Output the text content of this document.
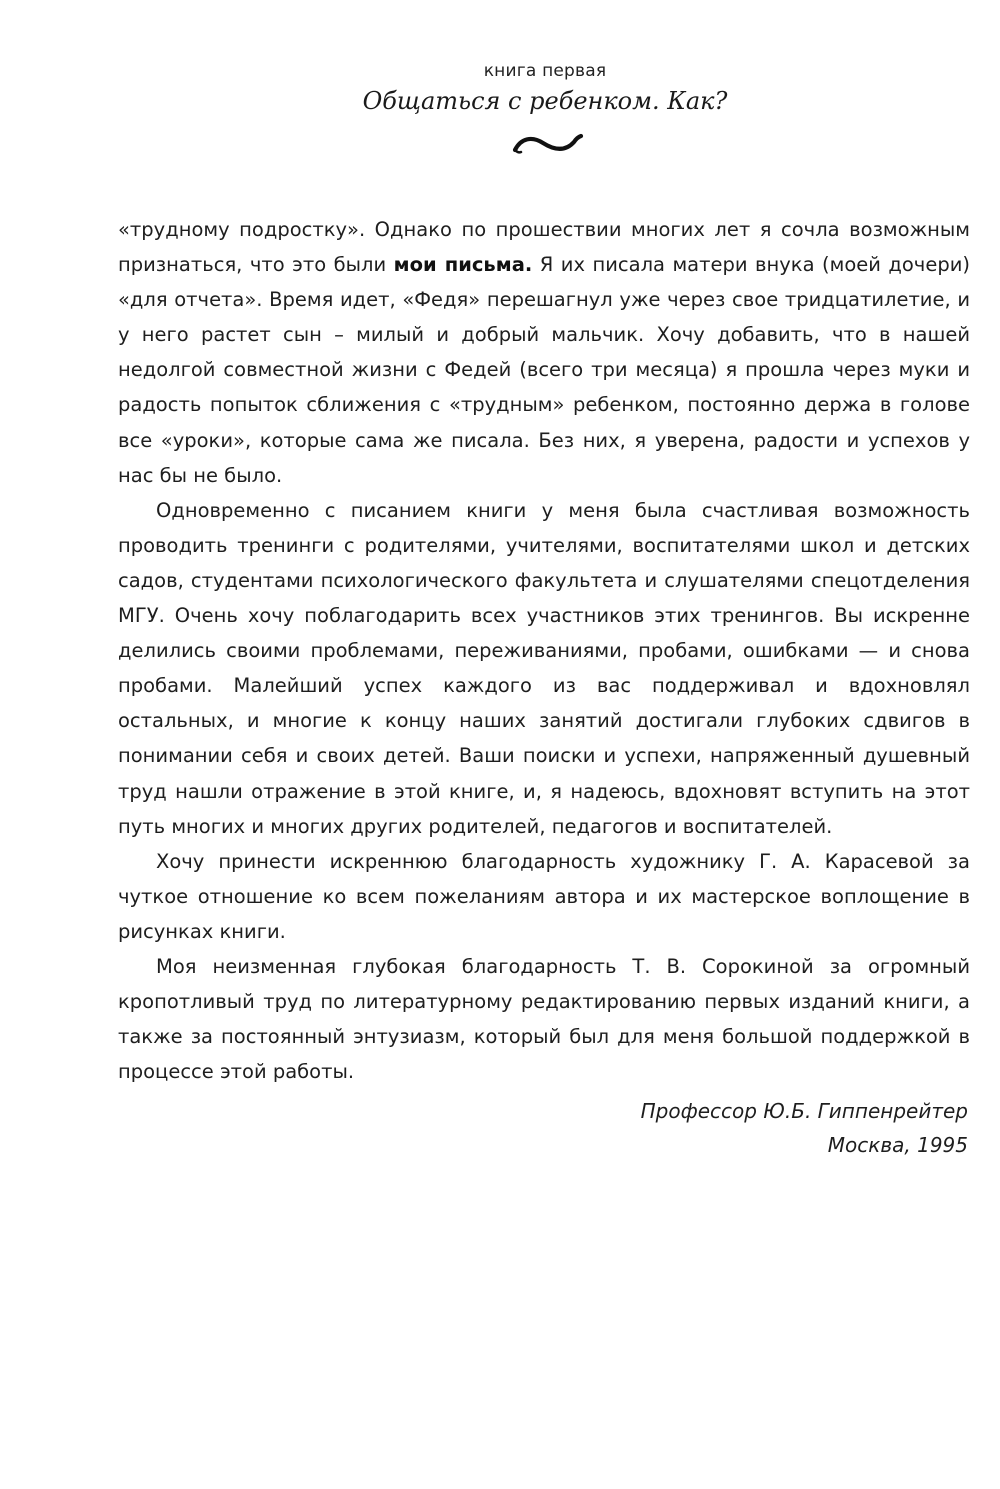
книга первая
Общаться с ребенком. Как?

«трудному подростку». Однако по прошествии многих лет я сочла возможным признаться, что это были мои письма. Я их писала матери внука (моей дочери) «для отчета». Время идет, «Федя» перешагнул уже через свое тридцатилетие, и у него растет сын – милый и добрый мальчик. Хочу добавить, что в нашей недолгой совместной жизни с Федей (всего три месяца) я прошла через муки и радость попыток сближения с «трудным» ребенком, постоянно держа в голове все «уроки», которые сама же писала. Без них, я уверена, радости и успехов у нас бы не было.

Одновременно с писанием книги у меня была счастливая возможность проводить тренинги с родителями, учителями, воспитателями школ и детских садов, студентами психологического факультета и слушателями спецотделения МГУ. Очень хочу поблагодарить всех участников этих тренингов. Вы искренне делились своими проблемами, переживаниями, пробами, ошибками — и снова пробами. Малейший успех каждого из вас поддерживал и вдохновлял остальных, и многие к концу наших занятий достигали глубоких сдвигов в понимании себя и своих детей. Ваши поиски и успехи, напряженный душевный труд нашли отражение в этой книге, и, я надеюсь, вдохновят вступить на этот путь многих и многих других родителей, педагогов и воспитателей.

Хочу принести искреннюю благодарность художнику Г. А. Карасевой за чуткое отношение ко всем пожеланиям автора и их мастерское воплощение в рисунках книги.

Моя неизменная глубокая благодарность Т. В. Сорокиной за огромный кропотливый труд по литературному редактированию первых изданий книги, а также за постоянный энтузиазм, который был для меня большой поддержкой в процессе этой работы.

Профессор Ю.Б. Гиппенрейтер
Москва, 1995
